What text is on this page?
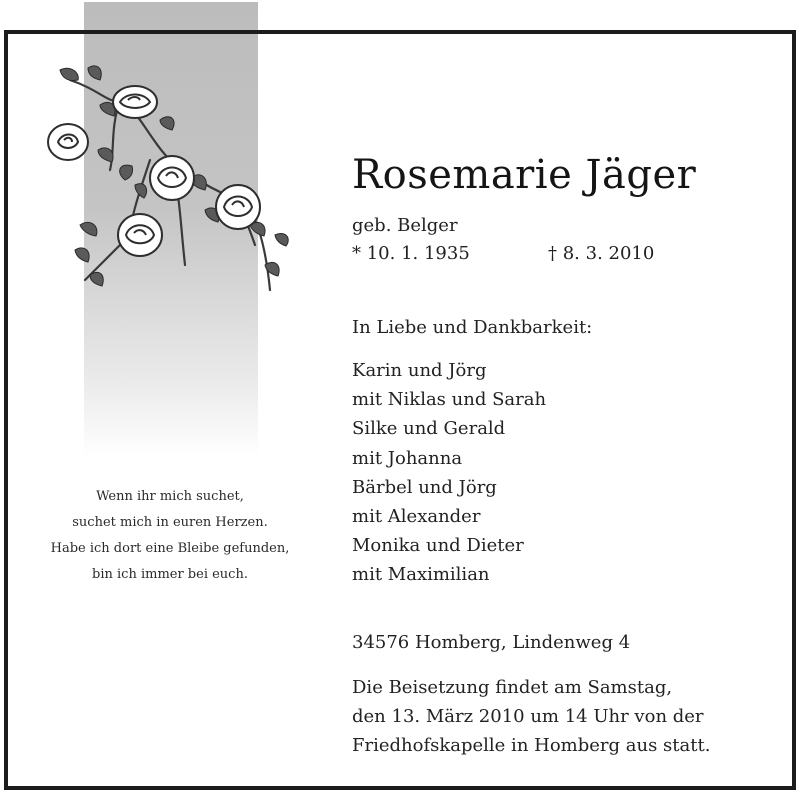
Wenn ihr mich suchet,
suchet mich in euren Herzen.
Habe ich dort eine Bleibe gefunden,
bin ich immer bei euch.
Rosemarie Jäger
geb. Belger
* 10. 1. 1935	† 8. 3. 2010
In Liebe und Dankbarkeit:
Karin und Jörg
mit Niklas und Sarah
Silke und Gerald
mit Johanna
Bärbel und Jörg
mit Alexander
Monika und Dieter
mit Maximilian
34576 Homberg, Lindenweg 4
Die Beisetzung findet am Samstag,
den 13. März 2010 um 14 Uhr von der
Friedhofskapelle in Homberg aus statt.
